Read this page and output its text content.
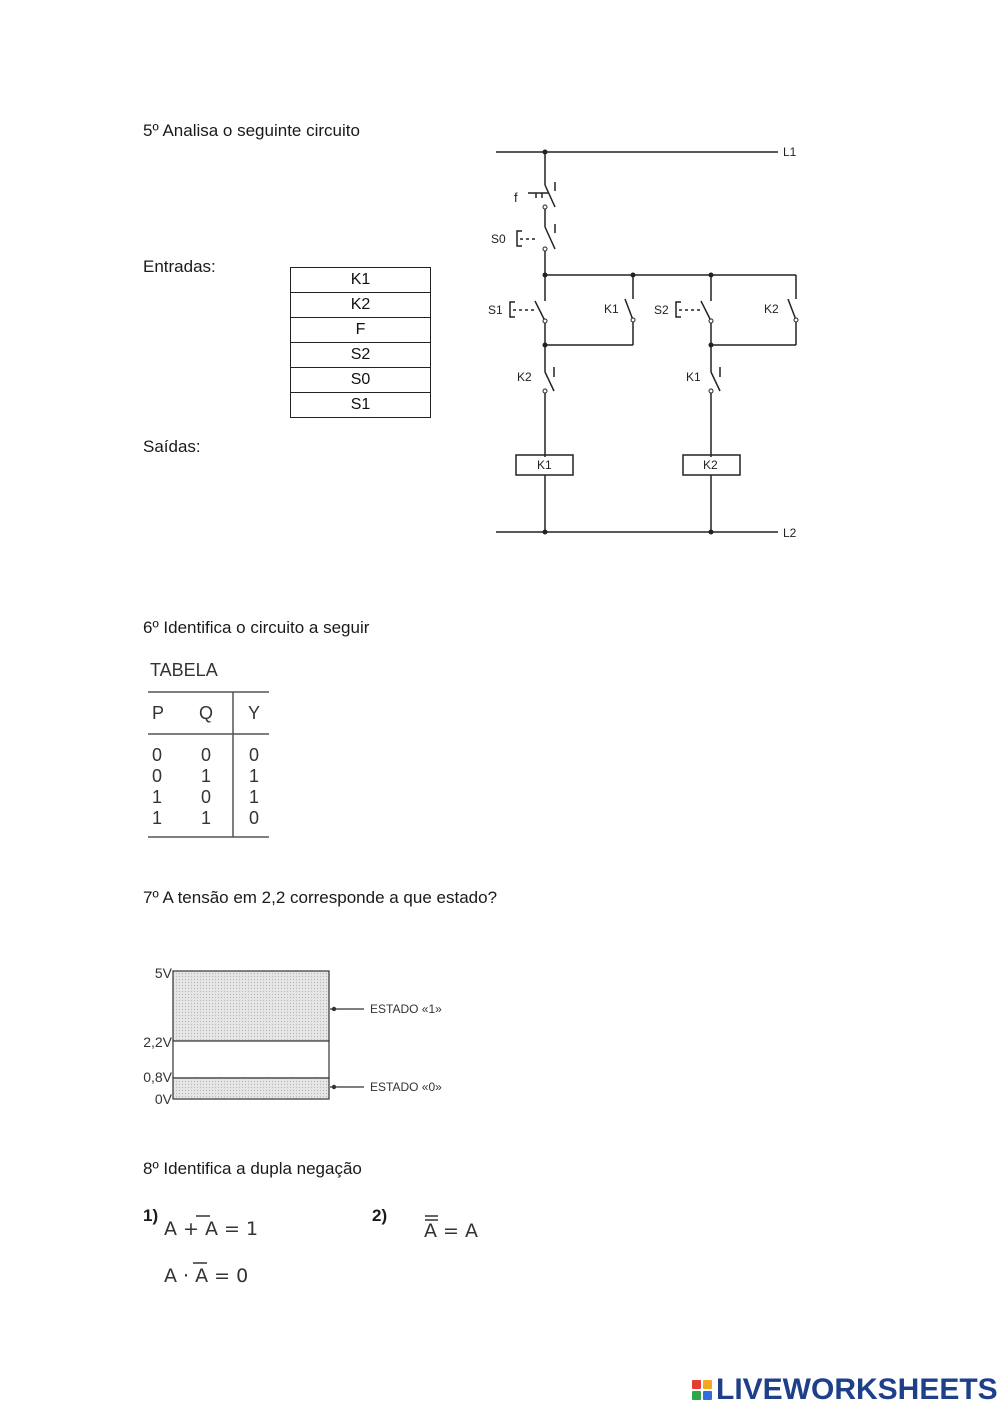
5º Analisa o seguinte circuito
Entradas:
Saídas:
K1
K2
F
S2
S0
S1
L1
L2
f
S0
S1	K1	S2	K2
K2	K1
K1	K2
6º Identifica o circuito a seguir
TABELA
P Q Y
0 0 0
0 1 1
1 0 1
1 1 0
7º A tensão em 2,2 corresponde a que estado?
5V
2,2V
0,8V
0V
ESTADO «1»
ESTADO «0»
8º Identifica a dupla negação
1)	2)
A + A = 1
A · A = 0
A = A
LIVEWORKSHEETS
